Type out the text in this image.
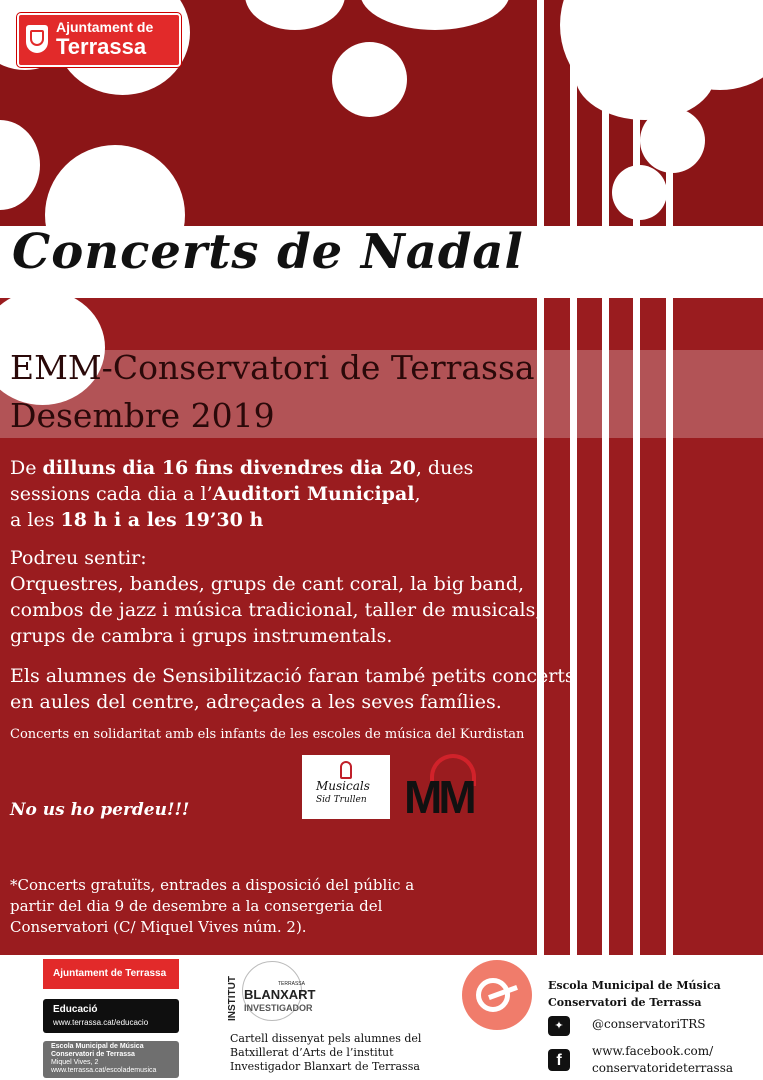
Ajuntament de
Terrassa
Concerts de Nadal
EMM-Conservatori de Terrassa
Desembre 2019
De dilluns dia 16 fins divendres dia 20, dues
sessions cada dia a l’Auditori Municipal,
a les 18 h i a les 19’30 h
Podreu sentir:
Orquestres, bandes, grups de cant coral, la big band,
combos de jazz i música tradicional, taller de musicals,
grups de cambra i grups instrumentals.
Els alumnes de Sensibilització faran també petits concerts
en aules del centre, adreçades a les seves famílies.
Concerts en solidaritat amb els infants de les escoles de música del Kurdistan
Musicals
Sid Trullen MM
No us ho perdeu!!!
*Concerts gratuïts, entrades a disposició del públic a
partir del dia 9 de desembre a la consergeria del
Conservatori (C/ Miquel Vives núm. 2).
Ajuntament de Terrassa
Educació
www.terrassa.cat/educacio
Escola Municipal de Música
Conservatori de Terrassa
Miquel Vives, 2
www.terrassa.cat/escolademusica
INSTITUT	TERRASSA
BLANXART
INVESTIGADOR
Cartell dissenyat pels alumnes del
Batxillerat d’Arts de l’institut
Investigador Blanxart de Terrassa
Escola Municipal de Música
Conservatori de Terrassa
✦	@conservatoriTRS
f
www.facebook.com/
conservatorideterrassa
